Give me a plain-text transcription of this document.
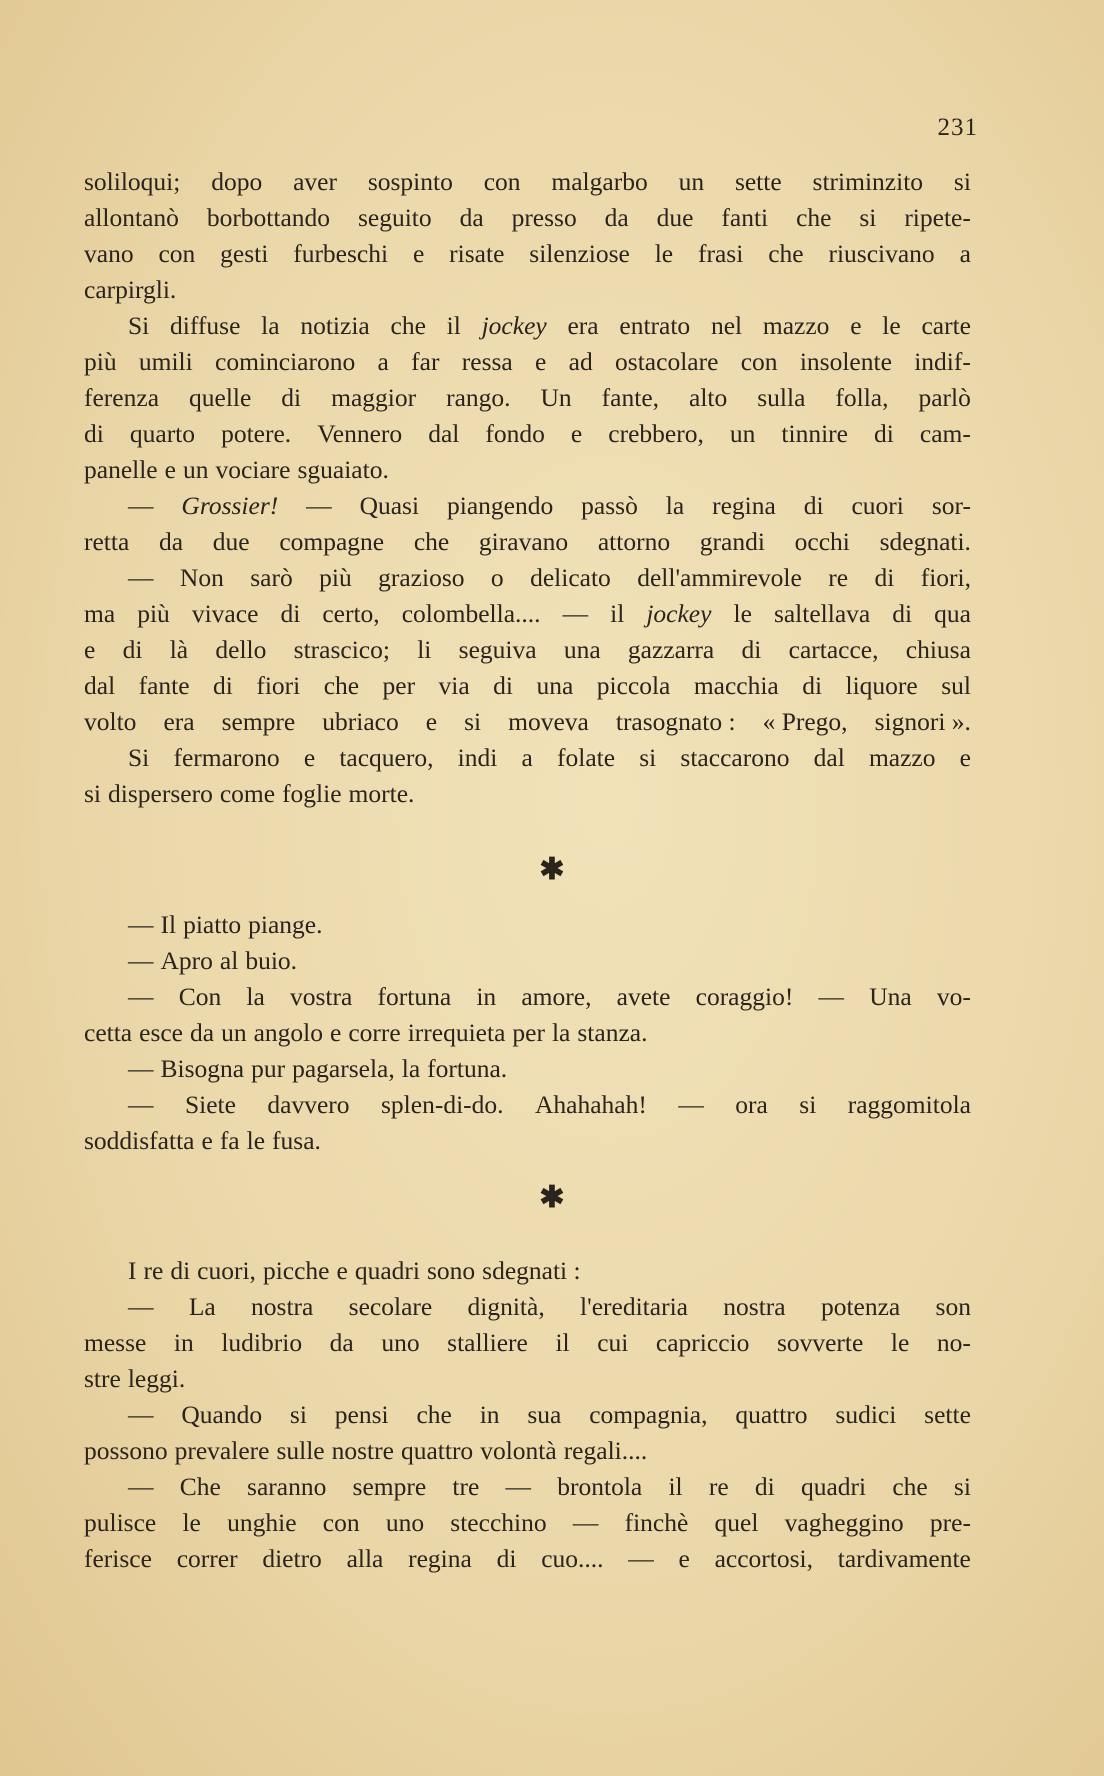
231
soliloqui; dopo aver sospinto con malgarbo un sette striminzito si
allontanò borbottando seguito da presso da due fanti che si ripete-
vano con gesti furbeschi e risate silenziose le frasi che riuscivano a
carpirgli.
Si diffuse la notizia che il jockey era entrato nel mazzo e le carte
più umili cominciarono a far ressa e ad ostacolare con insolente indif-
ferenza quelle di maggior rango. Un fante, alto sulla folla, parlò
di quarto potere. Vennero dal fondo e crebbero, un tinnire di cam-
panelle e un vociare sguaiato.
— Grossier! — Quasi piangendo passò la regina di cuori sor-
retta da due compagne che giravano attorno grandi occhi sdegnati.
— Non sarò più grazioso o delicato dell'ammirevole re di fiori,
ma più vivace di certo, colombella.... — il jockey le saltellava di qua
e di là dello strascico; li seguiva una gazzarra di cartacce, chiusa
dal fante di fiori che per via di una piccola macchia di liquore sul
volto era sempre ubriaco e si moveva trasognato : « Prego, signori ».
Si fermarono e tacquero, indi a folate si staccarono dal mazzo e
si dispersero come foglie morte.
✱
— Il piatto piange.
— Apro al buio.
— Con la vostra fortuna in amore, avete coraggio! — Una vo-
cetta esce da un angolo e corre irrequieta per la stanza.
— Bisogna pur pagarsela, la fortuna.
— Siete davvero splen-di-do. Ahahahah! — ora si raggomitola
soddisfatta e fa le fusa.
✱
I re di cuori, picche e quadri sono sdegnati :
— La nostra secolare dignità, l'ereditaria nostra potenza son
messe in ludibrio da uno stalliere il cui capriccio sovverte le no-
stre leggi.
— Quando si pensi che in sua compagnia, quattro sudici sette
possono prevalere sulle nostre quattro volontà regali....
— Che saranno sempre tre — brontola il re di quadri che si
pulisce le unghie con uno stecchino — finchè quel vagheggino pre-
ferisce correr dietro alla regina di cuo.... — e accortosi, tardivamente
